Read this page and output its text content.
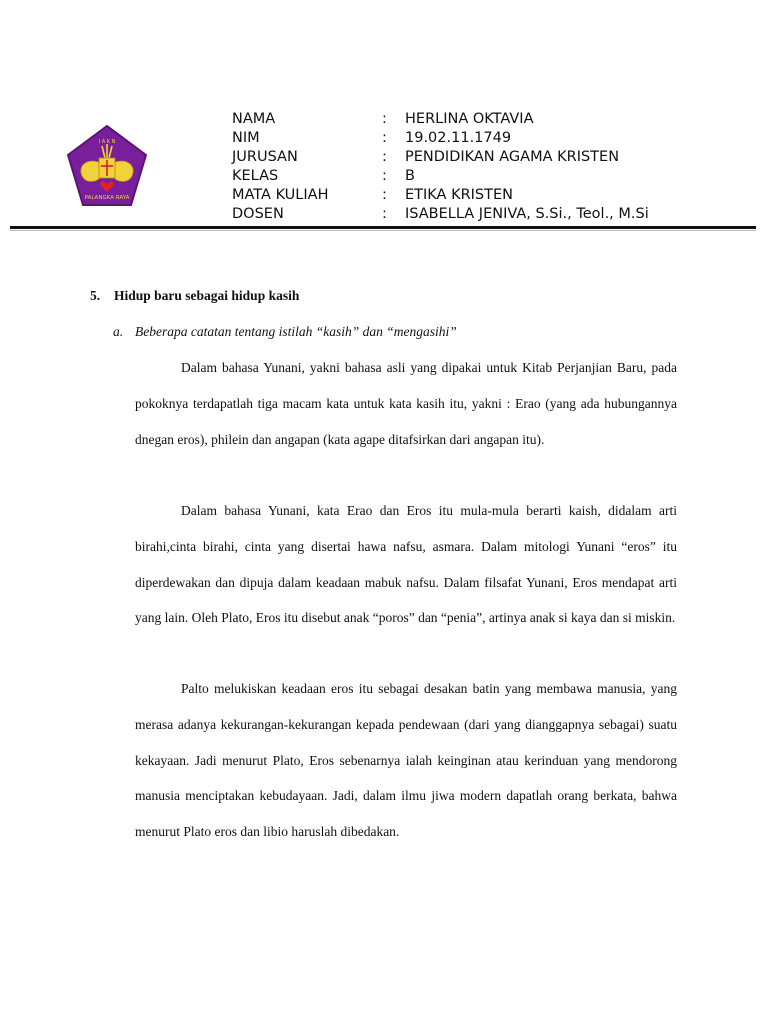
I A K N
PALANGKA RAYA
NAMA	:	HERLINA OKTAVIA
NIM	:	19.02.11.1749
JURUSAN	:	PENDIDIKAN AGAMA KRISTEN
KELAS	:	B
MATA KULIAH	:	ETIKA KRISTEN
DOSEN	:	ISABELLA JENIVA, S.Si., Teol., M.Si
5. Hidup baru sebagai hidup kasih
a. Beberapa catatan tentang istilah “kasih” dan “mengasihi”

Dalam bahasa Yunani, yakni bahasa asli yang dipakai untuk Kitab Perjanjian Baru, pada pokoknya terdapatlah tiga macam kata untuk kata kasih itu, yakni : Erao (yang ada hubungannya dnegan eros), philein dan angapan (kata agape ditafsirkan dari angapan itu).

Dalam bahasa Yunani, kata Erao dan Eros itu mula-mula berarti kaish, didalam arti birahi,cinta birahi, cinta yang disertai hawa nafsu, asmara. Dalam mitologi Yunani “eros” itu diperdewakan dan dipuja dalam keadaan mabuk nafsu. Dalam filsafat Yunani, Eros mendapat arti yang lain. Oleh Plato, Eros itu disebut anak “poros” dan “penia”, artinya anak si kaya dan si miskin.

Palto melukiskan keadaan eros itu sebagai desakan batin yang membawa manusia, yang merasa adanya kekurangan-kekurangan kepada pendewaan (dari yang dianggapnya sebagai) suatu kekayaan. Jadi menurut Plato, Eros sebenarnya ialah keinginan atau kerinduan yang mendorong manusia menciptakan kebudayaan. Jadi, dalam ilmu jiwa modern dapatlah orang berkata, bahwa menurut Plato eros dan libio haruslah dibedakan.
